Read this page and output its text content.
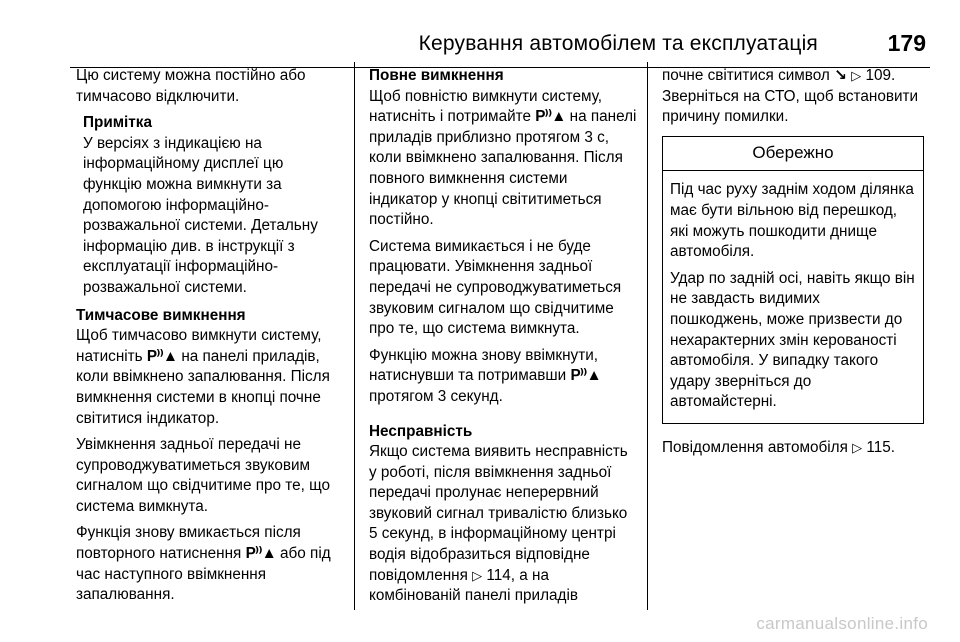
Керування автомобілем та експлуатація	179

Цю систему можна постійно або тимчасово відключити.

Примітка
У версіях з індикацією на інформаційному дисплеї цю функцію можна вимкнути за допомогою інформаційно-розважальної системи. Детальну інформацію див. в інструкції з експлуатації інформаційно-розважальної системи.
Тимчасове вимкнення

Щоб тимчасово вимкнути систему, натисніть P⁾⁾▲ на панелі приладів, коли ввімкнено запалювання. Після вимкнення системи в кнопці почне світитися індикатор.

Увімкнення задньої передачі не супроводжуватиметься звуковим сигналом що свідчитиме про те, що система вимкнута.

Функція знову вмикається після повторного натиснення P⁾⁾▲ або під час наступного ввімкнення запалювання.

Повне вимкнення

Щоб повністю вимкнути систему, натисніть і потримайте P⁾⁾▲ на панелі приладів приблизно протягом 3 с, коли ввімкнено запалювання. Після повного вимкнення системи індикатор у кнопці світитиметься постійно.

Система вимикається і не буде працювати. Увімкнення задньої передачі не супроводжуватиметься звуковим сигналом що свідчитиме про те, що система вимкнута.

Функцію можна знову ввімкнути, натиснувши та потримавши P⁾⁾▲ протягом 3 секунд.

Несправність

Якщо система виявить несправність у роботі, після ввімкнення задньої передачі пролунає неперервний звуковий сигнал тривалістю близько 5 секунд, в інформаційному центрі водія відобразиться відповідне повідомлення ▷ 114, а на комбінованій панелі приладів

почне світитися символ ↘ ▷ 109. Зверніться на СТО, щоб встановити причину помилки.

Обережно

Під час руху заднім ходом ділянка має бути вільною від перешкод, які можуть пошкодити днище автомобіля.

Удар по задній осі, навіть якщо він не завдасть видимих пошкоджень, може призвести до нехарактерних змін керованості автомобіля. У випадку такого удару зверніться до автомайстерні.

Повідомлення автомобіля ▷ 115.

carmanualsonline.info
